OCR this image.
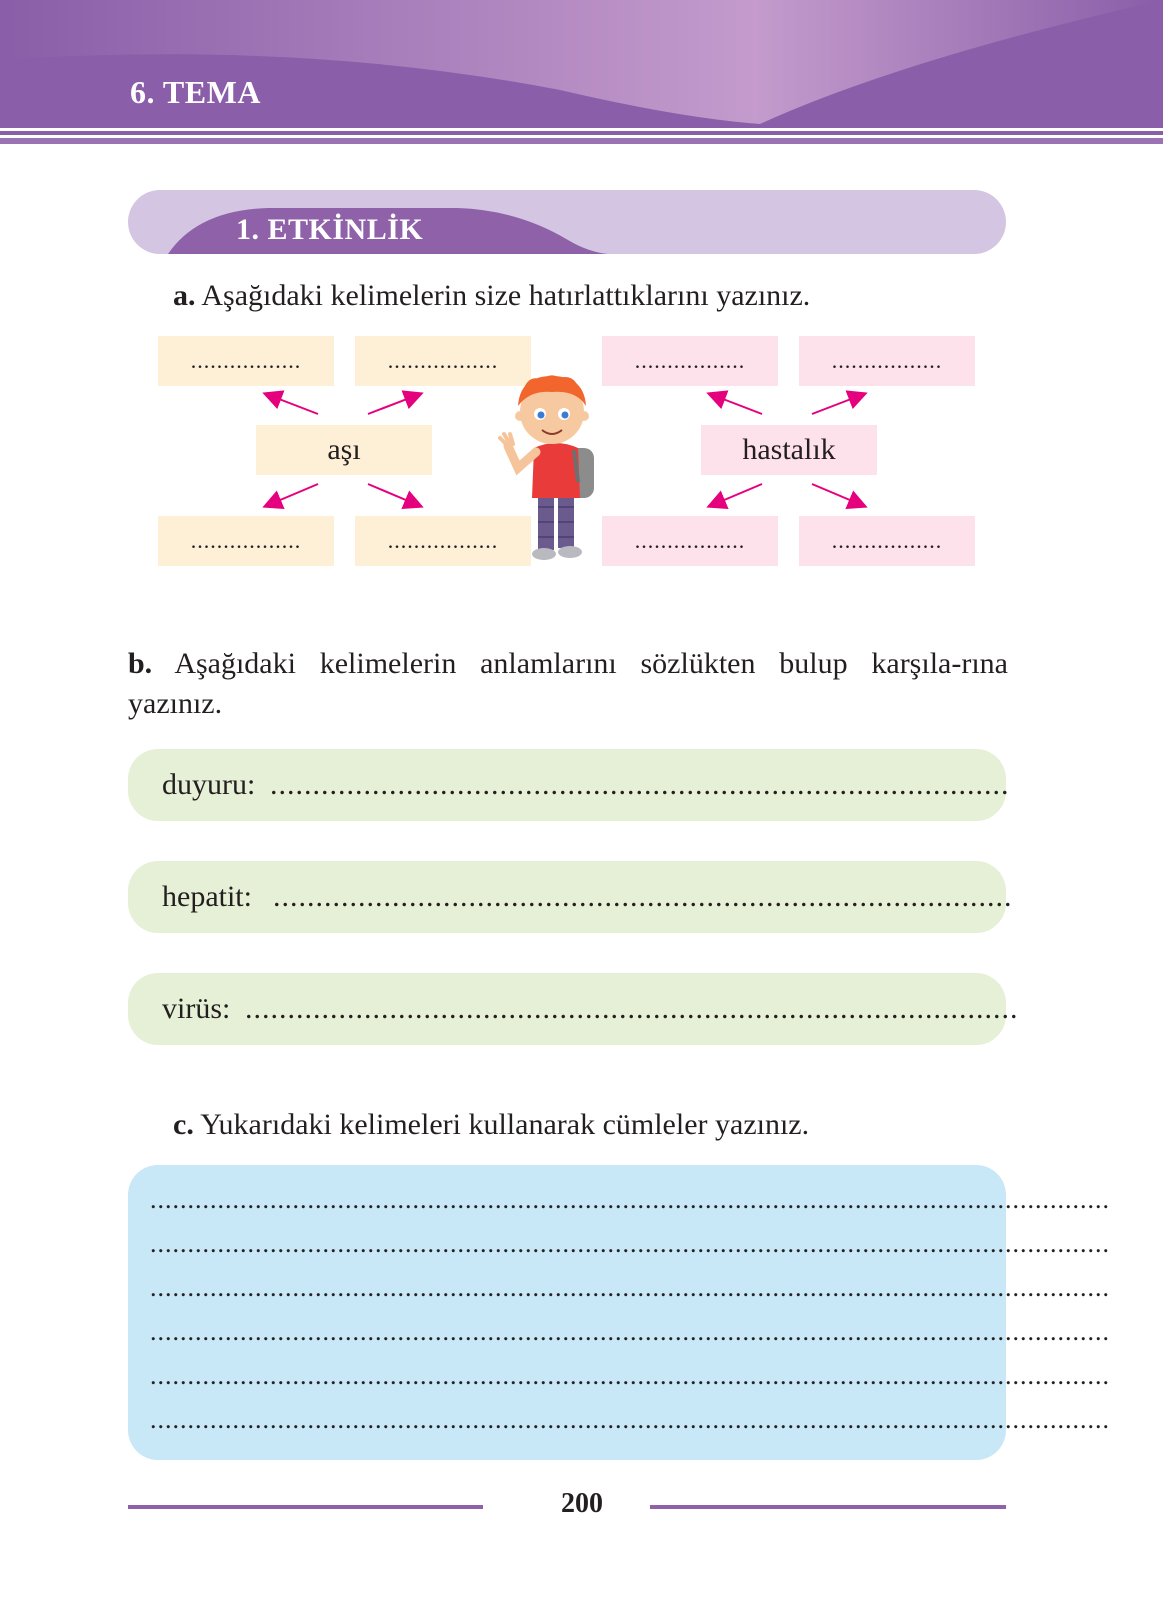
6. TEMA
1. ETKİNLİK
a. Aşağıdaki kelimelerin size hatırlattıklarını yazınız.
.................	.................
.................	.................
aşı
.................	.................
.................	.................
hastalık
b. Aşağıdaki kelimelerin anlamlarını sözlükten bulup karşıla-rına yazınız.
duyuru: .......................................................................................
hepatit: .......................................................................................
virüs: ...........................................................................................
c. Yukarıdaki kelimeleri kullanarak cümleler yazınız.
................................................................................................................................
................................................................................................................................
................................................................................................................................
................................................................................................................................
................................................................................................................................
................................................................................................................................
200
